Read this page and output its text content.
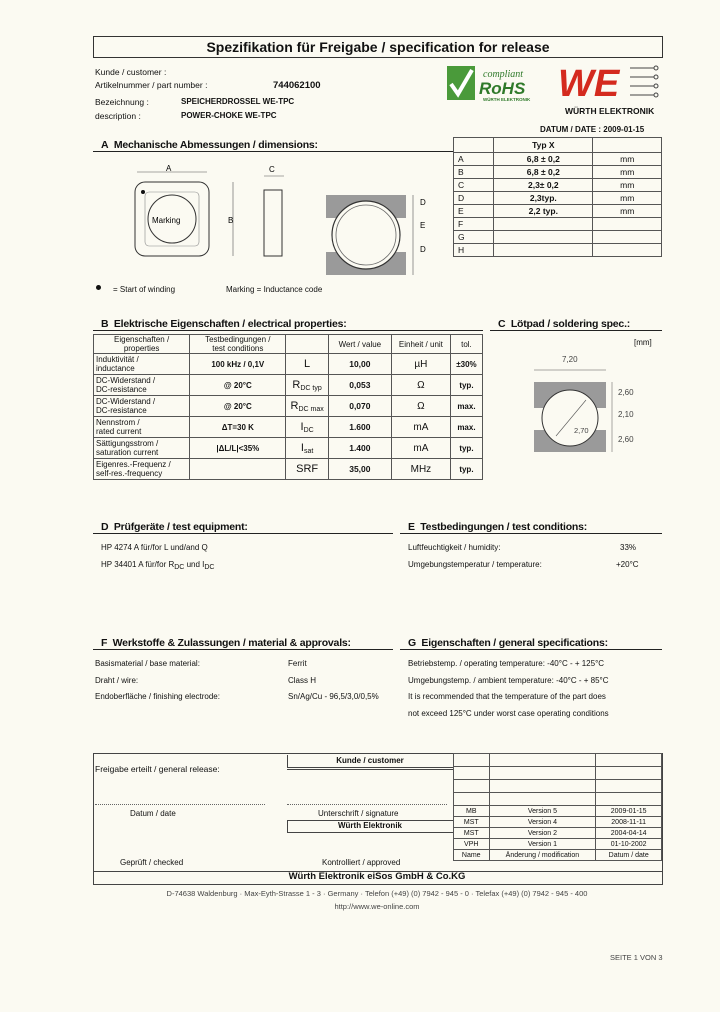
Spezifikation für Freigabe / specification for release
Kunde / customer :
Artikelnummer / part number :	744062100
Bezeichnung :	SPEICHERDROSSEL WE-TPC
description :	POWER-CHOKE WE-TPC
compliant
RoHS
WÜRTH ELEKTRONIK WE
WÜRTH ELEKTRONIK
DATUM / DATE : 2009-01-15
A Mechanische Abmessungen / dimensions:
A
Marking	B
C
D
E
D
= Start of winding	Marking = Inductance code
	Typ X	
A	6,8 ± 0,2	mm
B	6,8 ± 0,2	mm
C	2,3± 0,2	mm
D	2,3typ.	mm
E	2,2 typ.	mm
F		
G		
H		
B Elektrische Eigenschaften / electrical properties:
Eigenschaften /
properties	Testbedingungen /
test conditions		Wert / value	Einheit / unit	tol.
Induktivität /
inductance	100 kHz / 0,1V	L	10,00	µH	±30%
DC-Widerstand /
DC-resistance	@ 20°C	$R_{DC typ}$	0,053	Ω	typ.
DC-Widerstand /
DC-resistance	@ 20°C	$R_{DC max}$	0,070	Ω	max.
Nennstrom /
rated current	ΔT=30 K	$I_{DC}$	1.600	mA	max.
Sättigungsstrom /
saturation current	|ΔL/L|<35%	$I_{sat}$	1.400	mA	typ.
Eigenres.-Frequenz /
self-res.-frequency		SRF	35,00	MHz	typ.
C Lötpad / soldering spec.:
[mm]
7,20
2,70
2,60
2,10
2,60
D Prüfgeräte / test equipment:
HP 4274 A für/for L und/and Q
HP 34401 A für/for RDC und IDC
E Testbedingungen / test conditions:
Luftfeuchtigkeit / humidity:	33%
Umgebungstemperatur / temperature:	+20°C
F Werkstoffe & Zulassungen / material & approvals:
Basismaterial / base material:	Ferrit
Draht / wire:	Class H
Endoberfläche / finishing electrode:	Sn/Ag/Cu - 96,5/3,0/0,5%
G Eigenschaften / general specifications:
Betriebstemp. / operating temperature: -40°C - + 125°C
Umgebungstemp. / ambient temperature: -40°C - + 85°C
It is recommended that the temperature of the part does
not exceed 125°C under worst case operating conditions
Würth Elektronik eiSos GmbH & Co.KG
Freigabe erteilt / general release:
Kunde / customer
Datum / date	Unterschrift / signature
Würth Elektronik
Geprüft / checked	Kontrolliert / approved

MB	Version 5	2009-01-15
MST	Version 4	2008-11-11
MST	Version 2	2004-04-14
VPH	Version 1	01-10-2002
Name	Änderung / modification	Datum / date
D-74638 Waldenburg · Max-Eyth-Strasse 1 - 3 · Germany · Telefon (+49) (0) 7942 - 945 - 0 · Telefax (+49) (0) 7942 - 945 - 400
http://www.we-online.com
SEITE 1 VON 3
